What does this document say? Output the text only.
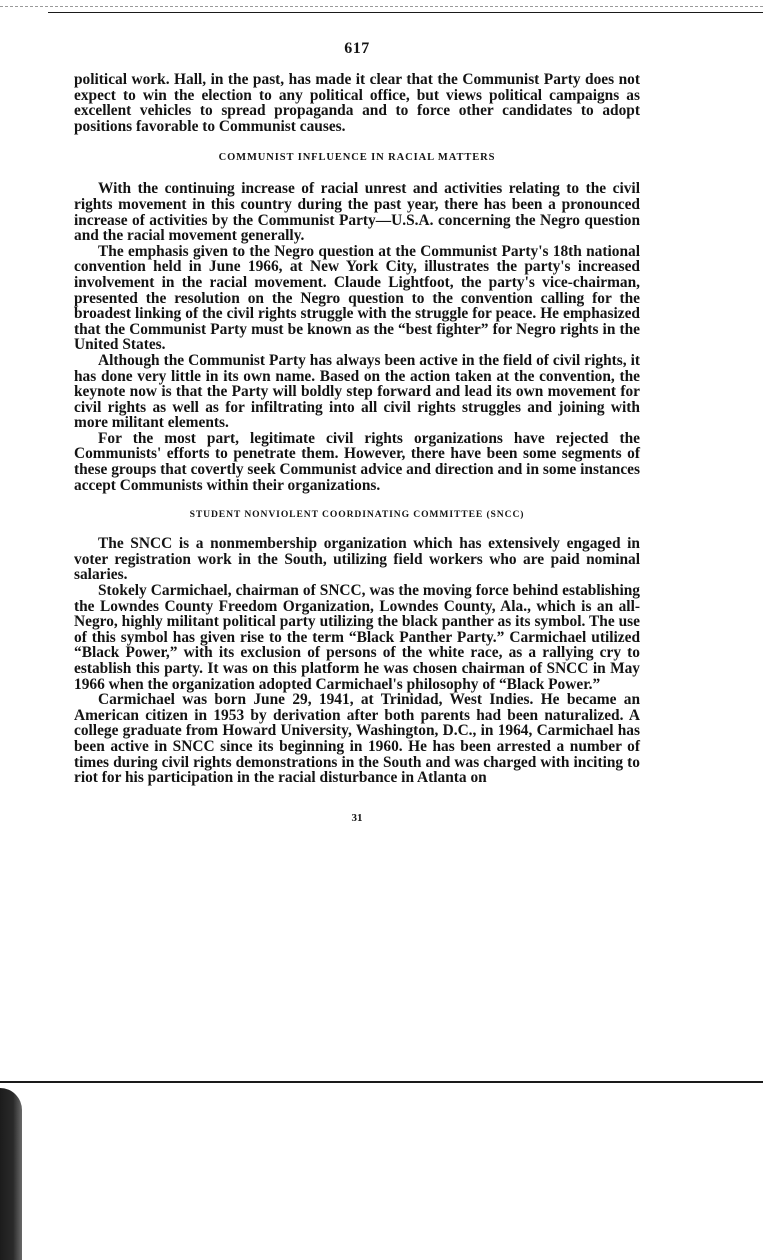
617

political work. Hall, in the past, has made it clear that the Communist Party does not expect to win the election to any political office, but views political campaigns as excellent vehicles to spread propaganda and to force other candidates to adopt positions favorable to Communist causes.

COMMUNIST INFLUENCE IN RACIAL MATTERS

With the continuing increase of racial unrest and activities relating to the civil rights movement in this country during the past year, there has been a pronounced increase of activities by the Communist Party—U.S.A. concerning the Negro question and the racial movement generally.

The emphasis given to the Negro question at the Communist Party's 18th national convention held in June 1966, at New York City, illustrates the party's increased involvement in the racial movement. Claude Lightfoot, the party's vice-chairman, presented the resolution on the Negro question to the convention calling for the broadest linking of the civil rights struggle with the struggle for peace. He emphasized that the Communist Party must be known as the “best fighter” for Negro rights in the United States.

Although the Communist Party has always been active in the field of civil rights, it has done very little in its own name. Based on the action taken at the convention, the keynote now is that the Party will boldly step forward and lead its own movement for civil rights as well as for infiltrating into all civil rights struggles and joining with more militant elements.

For the most part, legitimate civil rights organizations have rejected the Communists' efforts to penetrate them. However, there have been some segments of these groups that covertly seek Communist advice and direction and in some instances accept Communists within their organizations.

STUDENT NONVIOLENT COORDINATING COMMITTEE (SNCC)

The SNCC is a nonmembership organization which has extensively engaged in voter registration work in the South, utilizing field workers who are paid nominal salaries.

Stokely Carmichael, chairman of SNCC, was the moving force behind establishing the Lowndes County Freedom Organization, Lowndes County, Ala., which is an all-Negro, highly militant political party utilizing the black panther as its symbol. The use of this symbol has given rise to the term “Black Panther Party.” Carmichael utilized “Black Power,” with its exclusion of persons of the white race, as a rallying cry to establish this party. It was on this platform he was chosen chairman of SNCC in May 1966 when the organization adopted Carmichael's philosophy of “Black Power.”

Carmichael was born June 29, 1941, at Trinidad, West Indies. He became an American citizen in 1953 by derivation after both parents had been naturalized. A college graduate from Howard University, Washington, D.C., in 1964, Carmichael has been active in SNCC since its beginning in 1960. He has been arrested a number of times during civil rights demonstrations in the South and was charged with inciting to riot for his participation in the racial disturbance in Atlanta on

31
